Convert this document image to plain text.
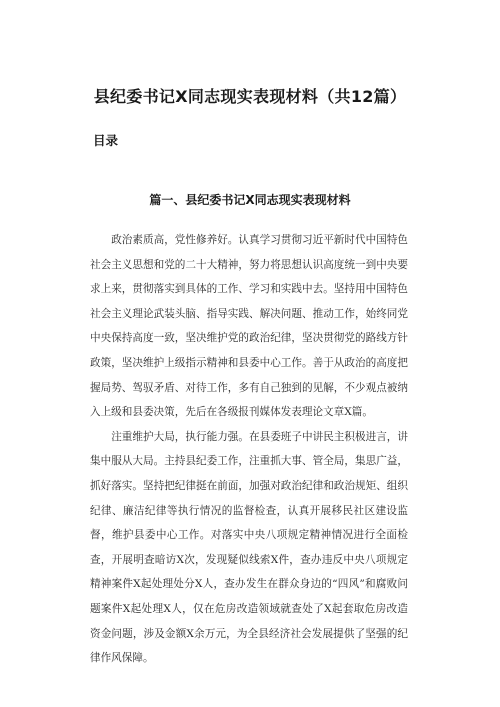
县纪委书记X同志现实表现材料（共12篇）
目录
篇一、县纪委书记X同志现实表现材料

政治素质高，党性修养好。认真学习贯彻习近平新时代中国特色社会主义思想和党的二十大精神，努力将思想认识高度统一到中央要求上来，贯彻落实到具体的工作、学习和实践中去。坚持用中国特色社会主义理论武装头脑、指导实践、解决问题、推动工作，始终同党中央保持高度一致，坚决维护党的政治纪律，坚决贯彻党的路线方针政策，坚决维护上级指示精神和县委中心工作。善于从政治的高度把握局势、驾驭矛盾、对待工作，多有自己独到的见解，不少观点被纳入上级和县委决策，先后在各级报刊媒体发表理论文章X篇。

注重维护大局，执行能力强。在县委班子中讲民主积极进言，讲集中服从大局。主持县纪委工作，注重抓大事、管全局，集思广益，抓好落实。坚持把纪律挺在前面，加强对政治纪律和政治规矩、组织纪律、廉洁纪律等执行情况的监督检查，认真开展移民社区建设监督，维护县委中心工作。对落实中央八项规定精神情况进行全面检查，开展明查暗访X次，发现疑似线索X件，查办违反中央八项规定精神案件X起处理处分X人，查办发生在群众身边的“四风”和腐败问题案件X起处理X人，仅在危房改造领域就查处了X起套取危房改造资金问题，涉及金额X余万元，为全县经济社会发展提供了坚强的纪律作风保障。
